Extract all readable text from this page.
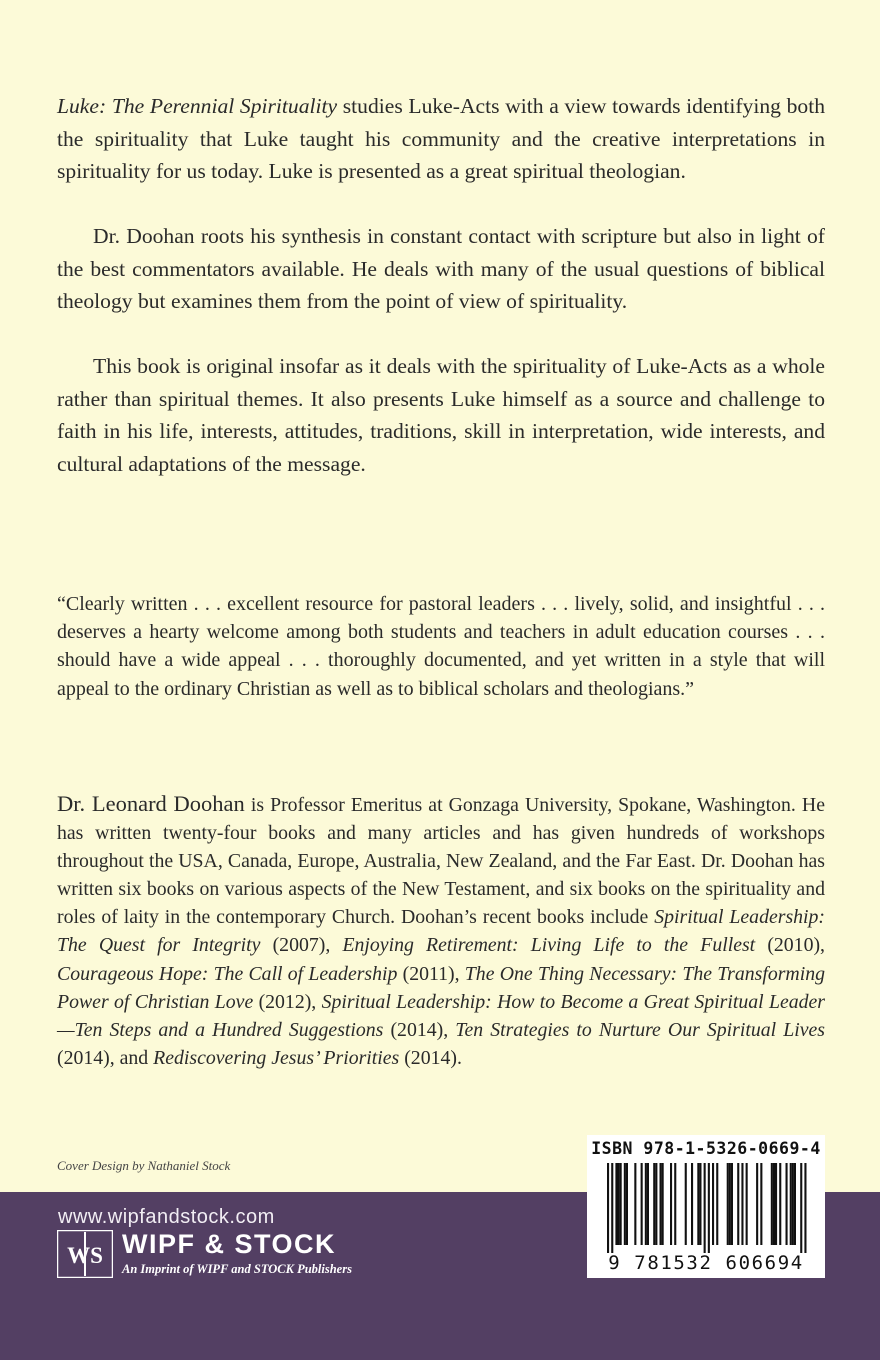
Luke: The Perennial Spirituality studies Luke-Acts with a view towards identifying both the spirituality that Luke taught his community and the creative interpretations in spirituality for us today. Luke is presented as a great spiritual theologian.

Dr. Doohan roots his synthesis in constant contact with scripture but also in light of the best commentators available. He deals with many of the usual questions of biblical theology but examines them from the point of view of spirituality.

This book is original insofar as it deals with the spirituality of Luke-Acts as a whole rather than spiritual themes. It also presents Luke himself as a source and challenge to faith in his life, interests, attitudes, traditions, skill in interpretation, wide interests, and cultural adaptations of the message.

“Clearly written . . . excellent resource for pastoral leaders . . . lively, solid, and insightful . . . deserves a hearty welcome among both students and teachers in adult education courses . . . should have a wide appeal . . . thoroughly documented, and yet written in a style that will appeal to the ordinary Christian as well as to biblical scholars and theologians.”

Dr. Leonard Doohan is Professor Emeritus at Gonzaga University, Spokane, Washington. He has written twenty-four books and many articles and has given hundreds of workshops throughout the USA, Canada, Europe, Australia, New Zealand, and the Far East. Dr. Doohan has written six books on various aspects of the New Testament, and six books on the spirituality and roles of laity in the contemporary Church. Doohan’s recent books include Spiritual Leadership: The Quest for Integrity (2007), Enjoying Retirement: Living Life to the Fullest (2010), Courageous Hope: The Call of Leadership (2011), The One Thing Necessary: The Transforming Power of Christian Love (2012), Spiritual Leadership: How to Become a Great Spiritual Leader—Ten Steps and a Hundred Suggestions (2014), Ten Strategies to Nurture Our Spiritual Lives (2014), and Rediscovering Jesus’ Priorities (2014).

Cover Design by Nathaniel Stock
www.wipfandstock.com
WS WIPF & STOCK
An Imprint of WIPF and STOCK Publishers
ISBN 978-1-5326-0669-4
9 781532 606694
